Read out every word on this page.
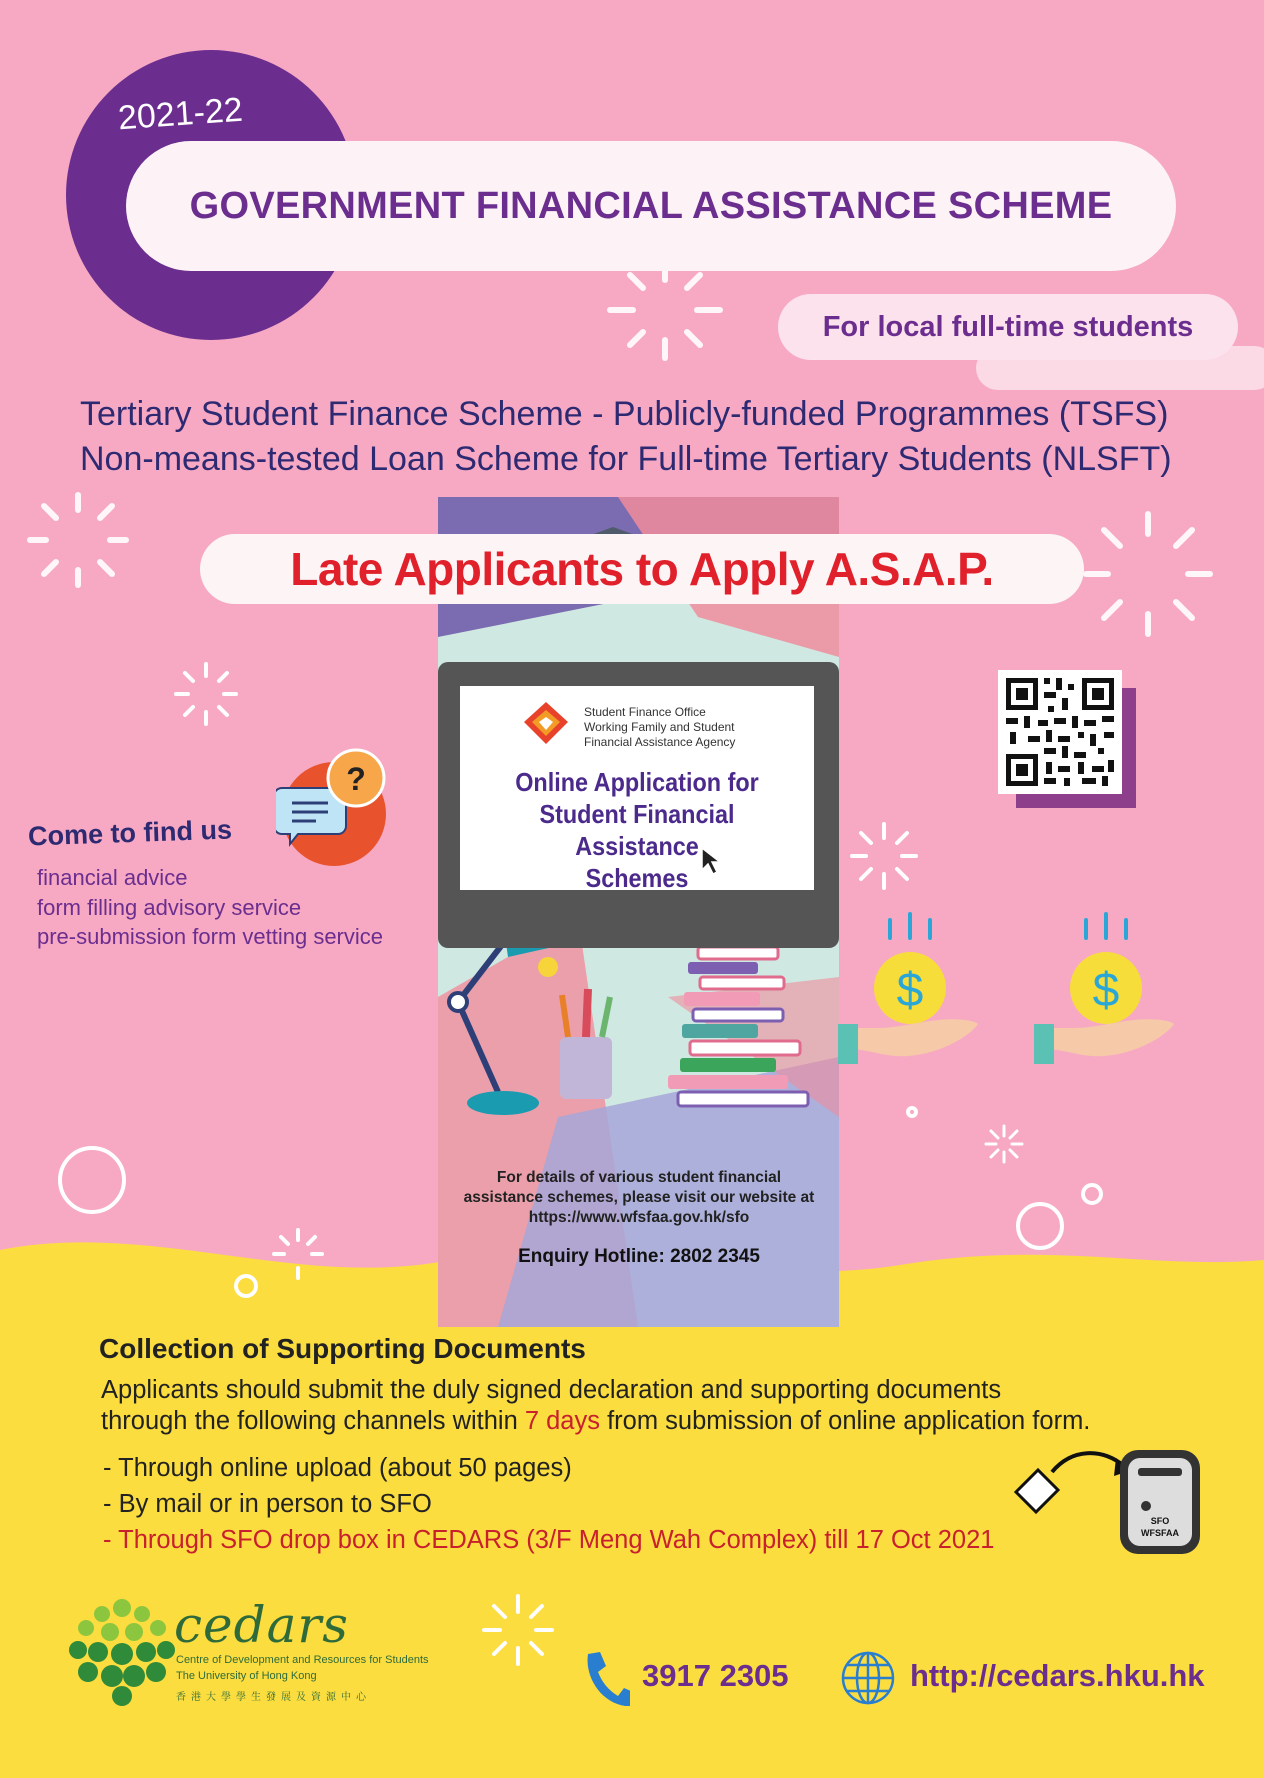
2021-22
GOVERNMENT FINANCIAL ASSISTANCE SCHEME
For local full-time students
Tertiary Student Finance Scheme - Publicly-funded Programmes (TSFS)
Non-means-tested Loan Scheme for Full-time Tertiary Students (NLSFT)
Student Finance Office
Working Family and Student
Financial Assistance Agency
Online Application for
Student Financial Assistance
Schemes
For details of various student financial
assistance schemes, please visit our website at
https://www.wfsfaa.gov.hk/sfo
Enquiry Hotline: 2802 2345
Late Applicants to Apply A.S.A.P.
?
Come to find us
financial advice
form filling advisory service
pre-submission form vetting service
$	$
Collection of Supporting Documents
Applicants should submit the duly signed declaration and supporting documents
through the following channels within 7 days from submission of online application form.
- Through online upload (about 50 pages)
- By mail or in person to SFO
- Through SFO drop box in CEDARS (3/F Meng Wah Complex) till 17 Oct 2021
SFO
WFSFAA
cedars
Centre of Development and Resources for Students
The University of Hong Kong
香港大學學生發展及資源中心
3917 2305	http://cedars.hku.hk
